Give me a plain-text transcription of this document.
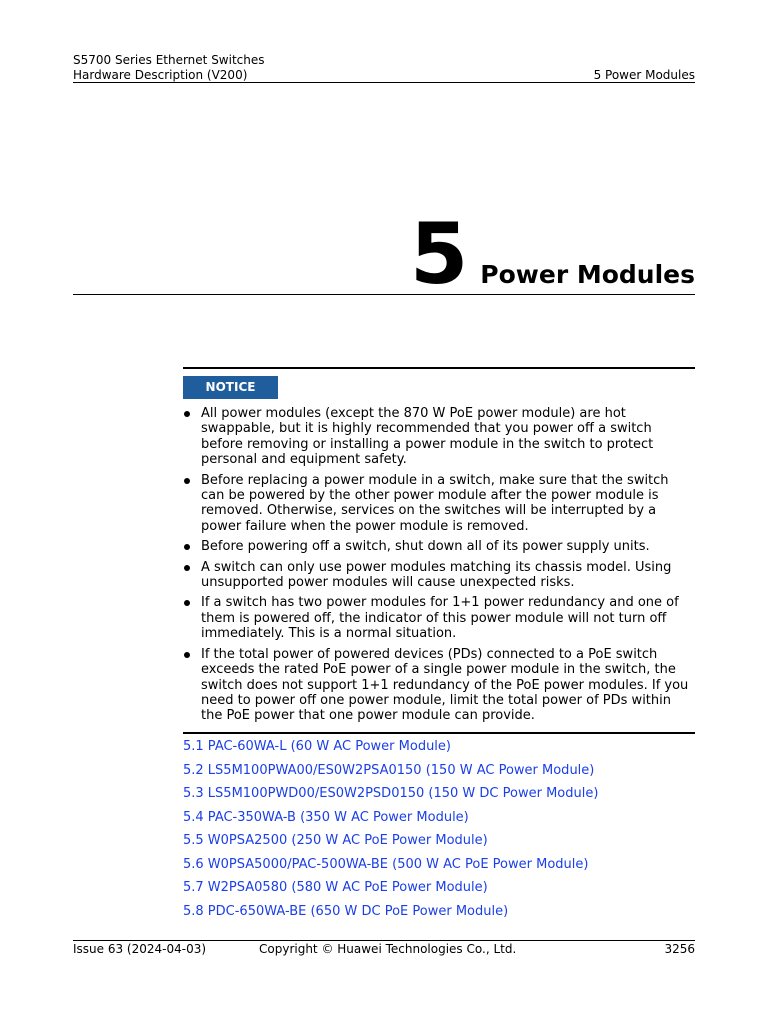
S5700 Series Ethernet Switches
Hardware Description (V200)	5 Power Modules
5 Power Modules
NOTICE
All power modules (except the 870 W PoE power module) are hot swappable, but it is highly recommended that you power off a switch before removing or installing a power module in the switch to protect personal and equipment safety.
Before replacing a power module in a switch, make sure that the switch can be powered by the other power module after the power module is removed. Otherwise, services on the switches will be interrupted by a power failure when the power module is removed.
Before powering off a switch, shut down all of its power supply units.
A switch can only use power modules matching its chassis model. Using unsupported power modules will cause unexpected risks.
If a switch has two power modules for 1+1 power redundancy and one of them is powered off, the indicator of this power module will not turn off immediately. This is a normal situation.
If the total power of powered devices (PDs) connected to a PoE switch exceeds the rated PoE power of a single power module in the switch, the switch does not support 1+1 redundancy of the PoE power modules. If you need to power off one power module, limit the total power of PDs within the PoE power that one power module can provide.
5.1 PAC-60WA-L (60 W AC Power Module)
5.2 LS5M100PWA00/ES0W2PSA0150 (150 W AC Power Module)
5.3 LS5M100PWD00/ES0W2PSD0150 (150 W DC Power Module)
5.4 PAC-350WA-B (350 W AC Power Module)
5.5 W0PSA2500 (250 W AC PoE Power Module)
5.6 W0PSA5000/PAC-500WA-BE (500 W AC PoE Power Module)
5.7 W2PSA0580 (580 W AC PoE Power Module)
5.8 PDC-650WA-BE (650 W DC PoE Power Module)
Issue 63 (2024-04-03)	Copyright © Huawei Technologies Co., Ltd.	3256
